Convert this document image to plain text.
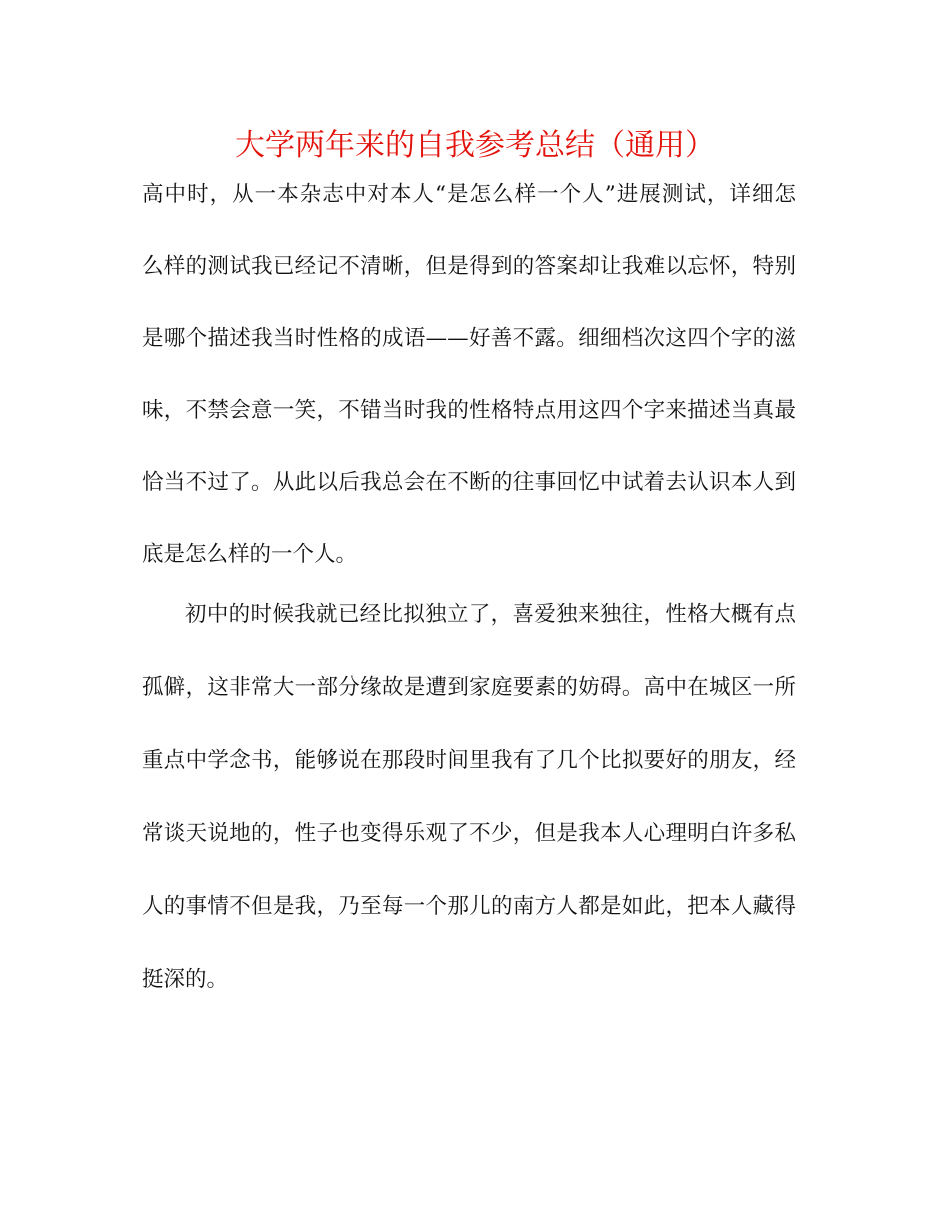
大学两年来的自我参考总结（通用）
高中时，从一本杂志中对本人“是怎么样一个人”进展测试，详细怎
么样的测试我已经记不清晰，但是得到的答案却让我难以忘怀，特别
是哪个描述我当时性格的成语——好善不露。细细档次这四个字的滋
味，不禁会意一笑，不错当时我的性格特点用这四个字来描述当真最
恰当不过了。从此以后我总会在不断的往事回忆中试着去认识本人到
底是怎么样的一个人。
初中的时候我就已经比拟独立了，喜爱独来独往，性格大概有点
孤僻，这非常大一部分缘故是遭到家庭要素的妨碍。高中在城区一所
重点中学念书，能够说在那段时间里我有了几个比拟要好的朋友，经
常谈天说地的，性子也变得乐观了不少，但是我本人心理明白许多私
人的事情不但是我，乃至每一个那儿的南方人都是如此，把本人藏得
挺深的。
